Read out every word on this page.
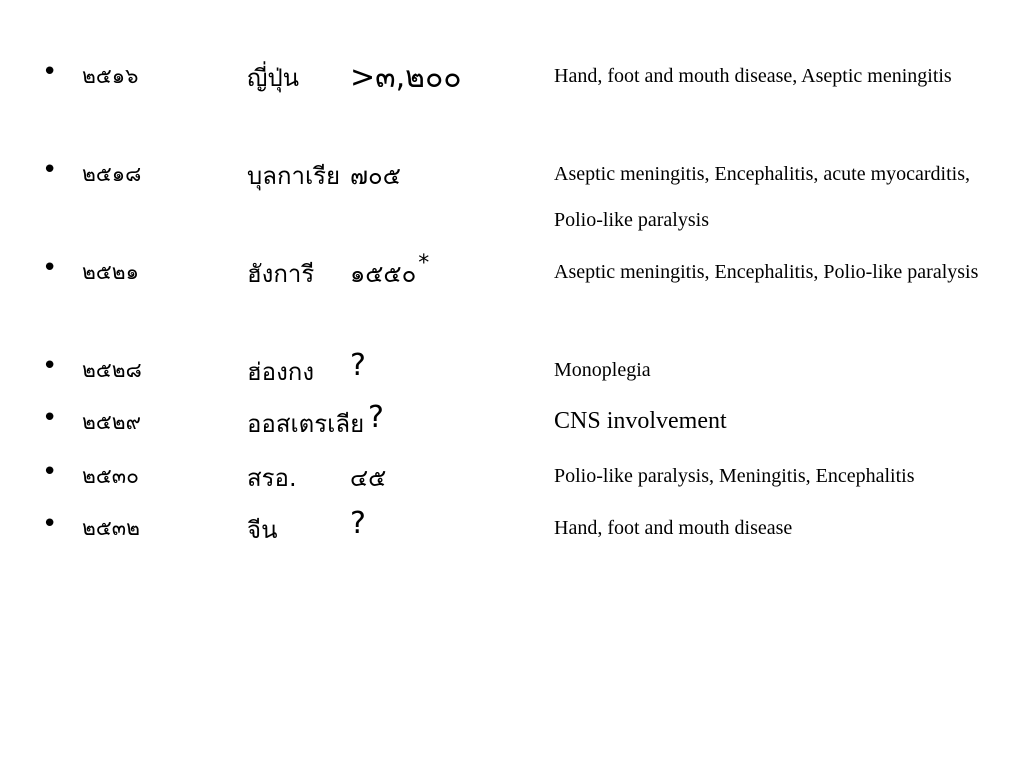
• ๒๕๑๖	ญี่ปุ่น >๓,๒๐๐	Hand, foot and mouth disease, Aseptic meningitis
• ๒๕๑๘	บุลกาเรีย ๗๐๕	Aseptic meningitis, Encephalitis, acute myocarditis, Polio-like paralysis
• ๒๕๒๑	ฮังการี ๑๕๕๐*	Aseptic meningitis, Encephalitis, Polio-like paralysis
• ๒๕๒๘	ฮ่องกง ?	Monoplegia
• ๒๕๒๙	ออสเตรเลีย ?	CNS involvement
• ๒๕๓๐	สรอ. ๔๕	Polio-like paralysis, Meningitis, Encephalitis
• ๒๕๓๒	จีน ?	Hand, foot and mouth disease
